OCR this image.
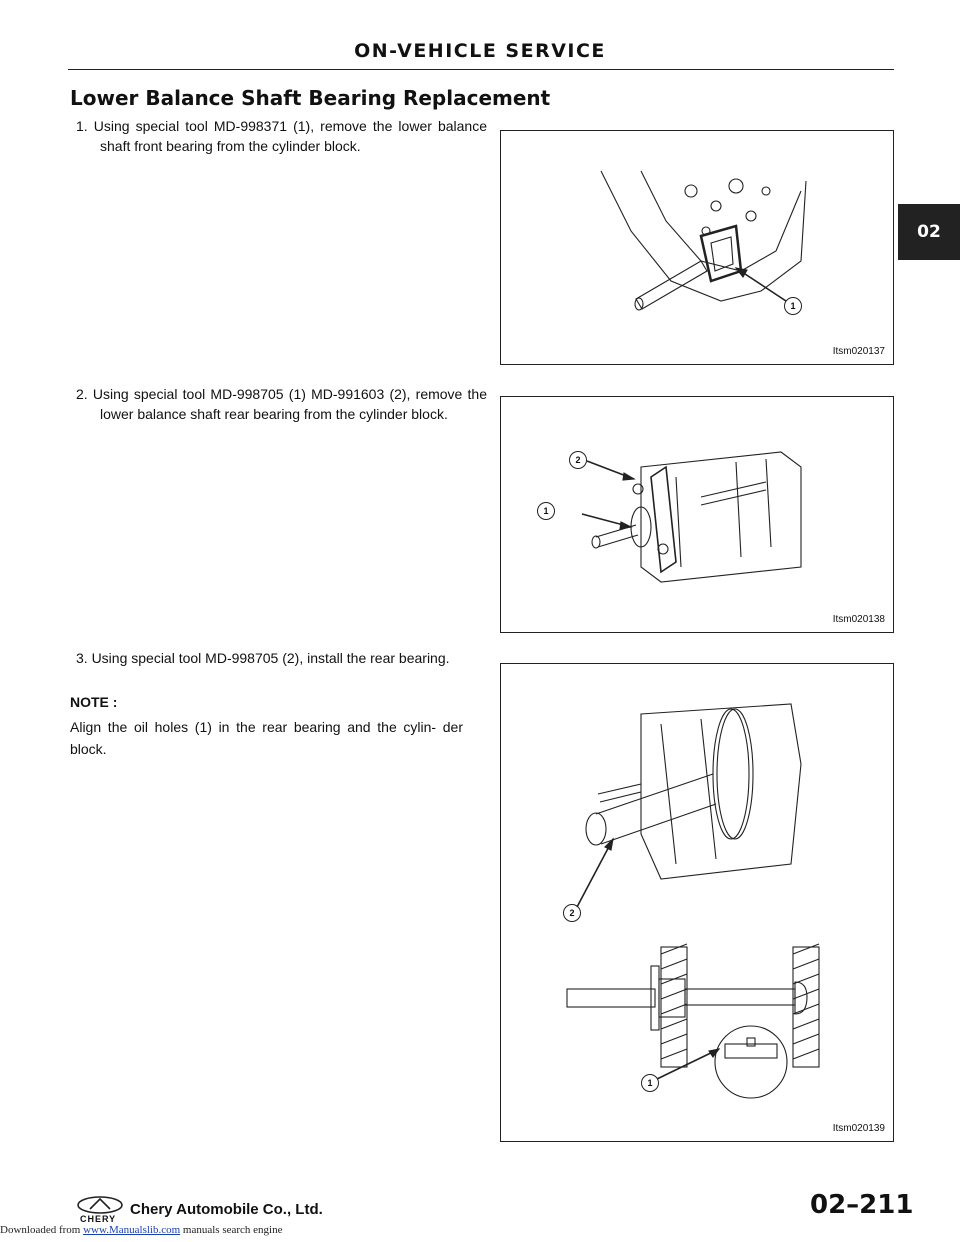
ON-VEHICLE SERVICE
Lower Balance Shaft Bearing Replacement
1. Using special tool MD-998371 (1), remove the lower balance shaft front bearing from the cylinder block.
2. Using special tool MD-998705 (1) MD-991603 (2), remove the lower balance shaft rear bearing from the cylinder block.
3. Using special tool MD-998705 (2), install the rear bearing.
NOTE :
Align the oil holes (1) in the rear bearing and the cylin- der block.
1
Itsm020137
2
1
Itsm020138
2
1
Itsm020139
02
CHERY
Chery Automobile Co., Ltd.	02–211
Downloaded from www.Manualslib.com manuals search engine
